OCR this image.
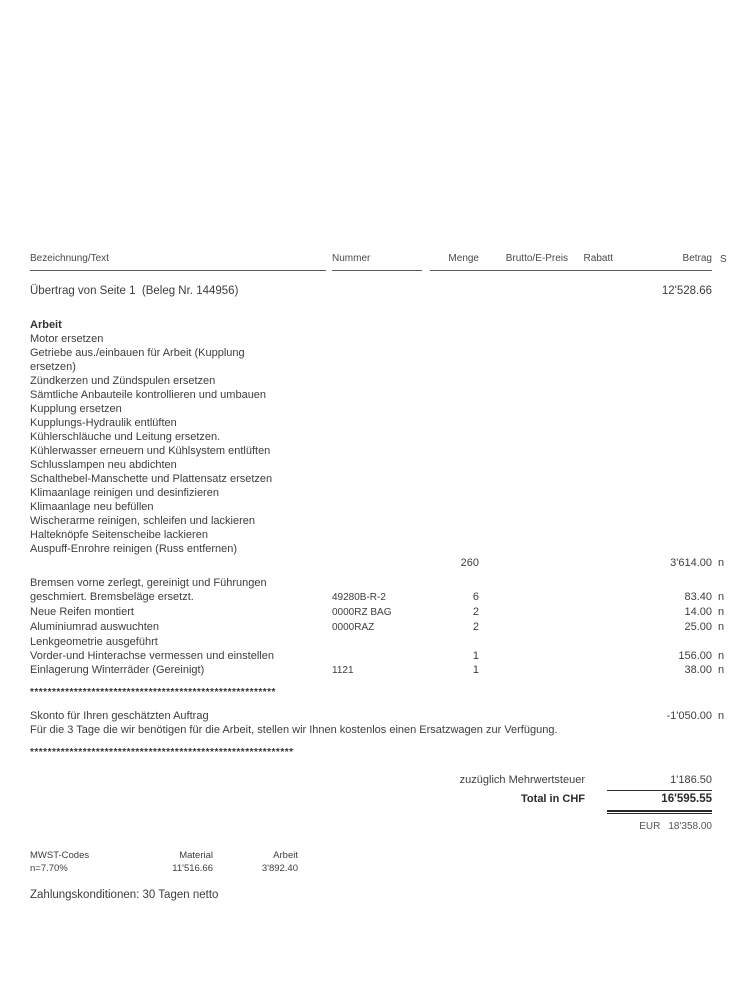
Bezeichnung/Text	Nummer	Menge	Brutto/E-Preis	Rabatt	Betrag S
Übertrag von Seite 1  (Beleg Nr. 144956)	12'528.66
Arbeit
Motor ersetzen
Getriebe aus./einbauen für Arbeit (Kupplung
ersetzen)
Zündkerzen und Zündspulen ersetzen
Sämtliche Anbauteile kontrollieren und umbauen
Kupplung ersetzen
Kupplungs-Hydraulik entlüften
Kühlerschläuche und Leitung ersetzen.
Kühlerwasser erneuern und Kühlsystem entlüften
Schlusslampen neu abdichten
Schalthebel-Manschette und Plattensatz ersetzen
Klimaanlage reinigen und desinfizieren
Klimaanlage neu befüllen
Wischerarme reinigen, schleifen und lackieren
Halteknöpfe Seitenscheibe lackieren
Auspuff-Enrohre reinigen (Russ entfernen)
260	3'614.00 n
Bremsen vorne zerlegt, gereinigt und Führungen
geschmiert. Bremsbeläge ersetzt.	49280B-R-2	6	83.40 n
Neue Reifen montiert	0000RZ BAG	2	14.00 n
Aluminiumrad auswuchten	0000RAZ	2	25.00 n
Lenkgeometrie ausgeführt
Vorder-und Hinterachse vermessen und einstellen	1	156.00 n
Einlagerung Winterräder (Gereinigt)	1121	1	38.00 n
********************************************************
Skonto für Ihren geschätzten Auftrag	-1'050.00 n
Für die 3 Tage die wir benötigen für die Arbeit, stellen wir Ihnen kostenlos einen Ersatzwagen zur Verfügung.
************************************************************
zuzüglich Mehrwertsteuer	1'186.50
Total in CHF	16'595.55
EUR 18'358.00
MWST-Codes	Material	Arbeit
n=7.70%	11'516.66	3'892.40
Zahlungskonditionen: 30 Tagen netto
